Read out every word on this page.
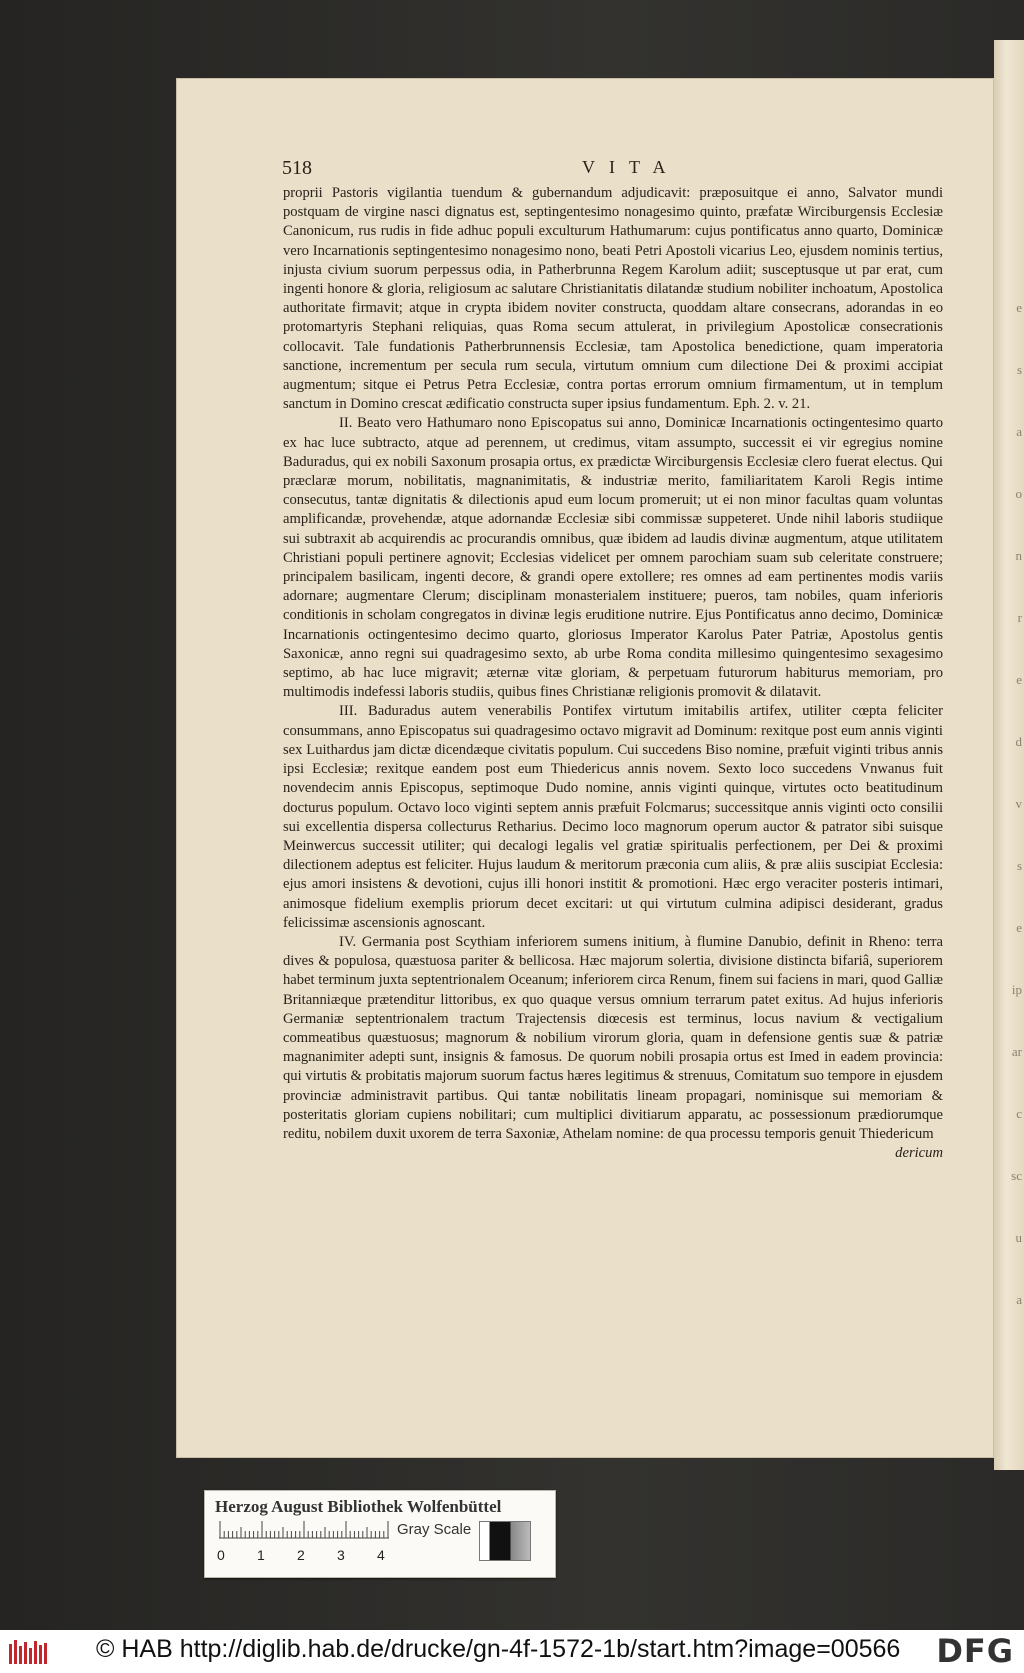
e
s
a
o
n
r
e
d
v
s
e
ip
ar
c
sc
u
a
518	VITA

proprii Pastoris vigilantia tuendum & gubernandum adjudicavit: præposuitque ei anno, Salvator mundi postquam de virgine nasci dignatus est, septingentesimo nonagesimo quinto, præfatæ Wirciburgensis Ecclesiæ Canonicum, rus rudis in fide adhuc populi exculturum Hathumarum: cujus pontificatus anno quarto, Dominicæ vero Incarnationis septingentesimo nonagesimo nono, beati Petri Apostoli vicarius Leo, ejusdem nominis tertius, injusta civium suorum perpessus odia, in Patherbrunna Regem Karolum adiit; susceptusque ut par erat, cum ingenti honore & gloria, religiosum ac salutare Christianitatis dilatandæ studium nobiliter inchoatum, Apostolica authoritate firmavit; atque in crypta ibidem noviter constructa, quoddam altare consecrans, adorandas in eo protomartyris Stephani reliquias, quas Roma secum attulerat, in privilegium Apostolicæ consecrationis collocavit. Tale fundationis Patherbrunnensis Ecclesiæ, tam Apostolica benedictione, quam imperatoria sanctione, incrementum per secula rum secula, virtutum omnium cum dilectione Dei & proximi accipiat augmentum; sitque ei Petrus Petra Ecclesiæ, contra portas errorum omnium firmamentum, ut in templum sanctum in Domino crescat ædificatio constructa super ipsius fundamentum. Eph. 2. v. 21.

II. Beato vero Hathumaro nono Episcopatus sui anno, Dominicæ Incarnationis octingentesimo quarto ex hac luce subtracto, atque ad perennem, ut credimus, vitam assumpto, successit ei vir egregius nomine Baduradus, qui ex nobili Saxonum prosapia ortus, ex prædictæ Wirciburgensis Ecclesiæ clero fuerat electus. Qui præclaræ morum, nobilitatis, magnanimitatis, & industriæ merito, familiaritatem Karoli Regis intime consecutus, tantæ dignitatis & dilectionis apud eum locum promeruit; ut ei non minor facultas quam voluntas amplificandæ, provehendæ, atque adornandæ Ecclesiæ sibi commissæ suppeteret. Unde nihil laboris studiique sui subtraxit ab acquirendis ac procurandis omnibus, quæ ibidem ad laudis divinæ augmentum, atque utilitatem Christiani populi pertinere agnovit; Ecclesias videlicet per omnem parochiam suam sub celeritate construere; principalem basilicam, ingenti decore, & grandi opere extollere; res omnes ad eam pertinentes modis variis adornare; augmentare Clerum; disciplinam monasterialem instituere; pueros, tam nobiles, quam inferioris conditionis in scholam congregatos in divinæ legis eruditione nutrire. Ejus Pontificatus anno decimo, Dominicæ Incarnationis octingentesimo decimo quarto, gloriosus Imperator Karolus Pater Patriæ, Apostolus gentis Saxonicæ, anno regni sui quadragesimo sexto, ab urbe Roma condita millesimo quingentesimo sexagesimo septimo, ab hac luce migravit; æternæ vitæ gloriam, & perpetuam futurorum habiturus memoriam, pro multimodis indefessi laboris studiis, quibus fines Christianæ religionis promovit & dilatavit.

III. Baduradus autem venerabilis Pontifex virtutum imitabilis artifex, utiliter cœpta feliciter consummans, anno Episcopatus sui quadragesimo octavo migravit ad Dominum: rexitque post eum annis viginti sex Luithardus jam dictæ dicendæque civitatis populum. Cui succedens Biso nomine, præfuit viginti tribus annis ipsi Ecclesiæ; rexitque eandem post eum Thiedericus annis novem. Sexto loco succedens Vnwanus fuit novendecim annis Episcopus, septimoque Dudo nomine, annis viginti quinque, virtutes octo beatitudinum docturus populum. Octavo loco viginti septem annis præfuit Folcmarus; successitque annis viginti octo consilii sui excellentia dispersa collecturus Retharius. Decimo loco magnorum operum auctor & patrator sibi suisque Meinwercus successit utiliter; qui decalogi legalis vel gratiæ spiritualis perfectionem, per Dei & proximi dilectionem adeptus est feliciter. Hujus laudum & meritorum præconia cum aliis, & præ aliis suscipiat Ecclesia: ejus amori insistens & devotioni, cujus illi honori institit & promotioni. Hæc ergo veraciter posteris intimari, animosque fidelium exemplis priorum decet excitari: ut qui virtutum culmina adipisci desiderant, gradus felicissimæ ascensionis agnoscant.

IV. Germania post Scythiam inferiorem sumens initium, à flumine Danubio, definit in Rheno: terra dives & populosa, quæstuosa pariter & bellicosa. Hæc majorum solertia, divisione distincta bifariâ, superiorem habet terminum juxta septentrionalem Oceanum; inferiorem circa Renum, finem sui faciens in mari, quod Galliæ Britanniæque prætenditur littoribus, ex quo quaque versus omnium terrarum patet exitus. Ad hujus inferioris Germaniæ septentrionalem tractum Trajectensis diœcesis est terminus, locus navium & vectigalium commeatibus quæstuosus; magnorum & nobilium virorum gloria, quam in defensione gentis suæ & patriæ magnanimiter adepti sunt, insignis & famosus. De quorum nobili prosapia ortus est Imed in eadem provincia: qui virtutis & probitatis majorum suorum factus hæres legitimus & strenuus, Comitatum suo tempore in ejusdem provinciæ administravit partibus. Qui tantæ nobilitatis lineam propagari, nominisque sui memoriam & posteritatis gloriam cupiens nobilitari; cum multiplici divitiarum apparatu, ac possessionum prædiorumque reditu, nobilem duxit uxorem de terra Saxoniæ, Athelam nomine: de qua processu temporis genuit Thiedericum

dericum

Herzog August Bibliothek Wolfenbüttel
0 1 2 3 4
Gray Scale
© HAB http://diglib.hab.de/drucke/gn-4f-1572-1b/start.htm?image=00566 DFG
